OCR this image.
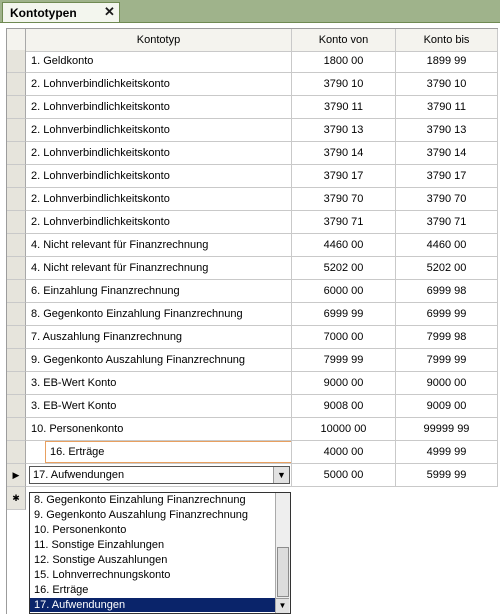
Kontotypen ✕
Kontotyp	Konto von	Konto bis
1. Geldkonto	1800 00	1899 99
2. Lohnverbindlichkeitskonto	3790 10	3790 10
2. Lohnverbindlichkeitskonto	3790 11	3790 11
2. Lohnverbindlichkeitskonto	3790 13	3790 13
2. Lohnverbindlichkeitskonto	3790 14	3790 14
2. Lohnverbindlichkeitskonto	3790 17	3790 17
2. Lohnverbindlichkeitskonto	3790 70	3790 70
2. Lohnverbindlichkeitskonto	3790 71	3790 71
4. Nicht relevant für Finanzrechnung	4460 00	4460 00
4. Nicht relevant für Finanzrechnung	5202 00	5202 00
6. Einzahlung Finanzrechnung	6000 00	6999 98
8. Gegenkonto Einzahlung Finanzrechnung	6999 99	6999 99
7. Auszahlung Finanzrechnung	7000 00	7999 98
9. Gegenkonto Auszahlung Finanzrechnung	7999 99	7999 99
3. EB-Wert Konto	9000 00	9000 00
3. EB-Wert Konto	9008 00	9009 00
10. Personenkonto	10000 00	99999 99
16. Erträge	4000 00	4999 99
▶	17. Aufwendungen	▼	5000 00	5999 99
✱	8. Gegenkonto Einzahlung Finanzrechnung
9. Gegenkonto Auszahlung Finanzrechnung
10. Personenkonto
11. Sonstige Einzahlungen
12. Sonstige Auszahlungen
15. Lohnverrechnungskonto
16. Erträge
17. Aufwendungen	▼
